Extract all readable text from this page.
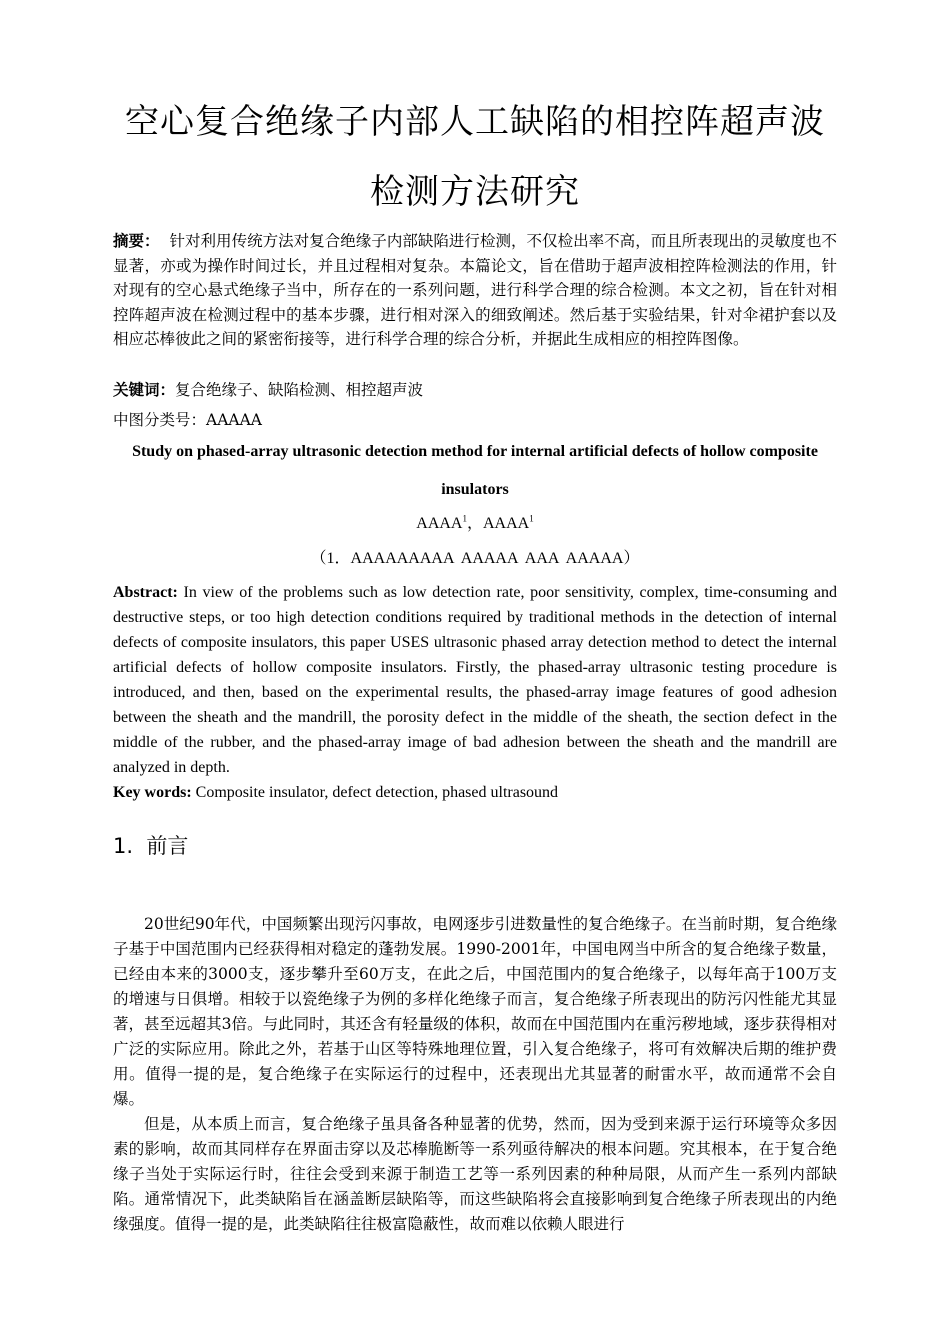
空心复合绝缘子内部人工缺陷的相控阵超声波
检测方法研究
摘要： 针对利用传统方法对复合绝缘子内部缺陷进行检测，不仅检出率不高，而且所表现出的灵敏度也不显著，亦或为操作时间过长，并且过程相对复杂。本篇论文，旨在借助于超声波相控阵检测法的作用，针对现有的空心悬式绝缘子当中，所存在的一系列问题，进行科学合理的综合检测。本文之初，旨在针对相控阵超声波在检测过程中的基本步骤，进行相对深入的细致阐述。然后基于实验结果，针对伞裙护套以及相应芯棒彼此之间的紧密衔接等，进行科学合理的综合分析，并据此生成相应的相控阵图像。
关键词：复合绝缘子、缺陷检测、相控超声波
中图分类号：AAAAA
Study on phased-array ultrasonic detection method for internal artificial defects of hollow composite
insulators
AAAA$^1$，AAAA$^1$
（1．AAAAAAAAA  AAAAA  AAA  AAAAA）
Abstract: In view of the problems such as low detection rate, poor sensitivity, complex, time-consuming and destructive steps, or too high detection conditions required by traditional methods in the detection of internal defects of composite insulators, this paper USES ultrasonic phased array detection method to detect the internal artificial defects of hollow composite insulators. Firstly, the phased-array ultrasonic testing procedure is introduced, and then, based on the experimental results, the phased-array image features of good adhesion between the sheath and the mandrill, the porosity defect in the middle of the sheath, the section defect in the middle of the rubber, and the phased-array image of bad adhesion between the sheath and the mandrill are analyzed in depth.
Key words: Composite insulator, defect detection, phased ultrasound
1.  前言
20世纪90年代，中国频繁出现污闪事故，电网逐步引进数量性的复合绝缘子。在当前时期，复合绝缘子基于中国范围内已经获得相对稳定的蓬勃发展。1990-2001年，中国电网当中所含的复合绝缘子数量，已经由本来的3000支，逐步攀升至60万支，在此之后，中国范围内的复合绝缘子，以每年高于100万支的增速与日俱增。相较于以瓷绝缘子为例的多样化绝缘子而言，复合绝缘子所表现出的防污闪性能尤其显著，甚至远超其3倍。与此同时，其还含有轻量级的体积，故而在中国范围内在重污秽地域，逐步获得相对广泛的实际应用。除此之外，若基于山区等特殊地理位置，引入复合绝缘子，将可有效解决后期的维护费用。值得一提的是，复合绝缘子在实际运行的过程中，还表现出尤其显著的耐雷水平，故而通常不会自爆。
但是，从本质上而言，复合绝缘子虽具备各种显著的优势，然而，因为受到来源于运行环境等众多因素的影响，故而其同样存在界面击穿以及芯棒脆断等一系列亟待解决的根本问题。究其根本，在于复合绝缘子当处于实际运行时，往往会受到来源于制造工艺等一系列因素的种种局限，从而产生一系列内部缺陷。通常情况下，此类缺陷旨在涵盖断层缺陷等，而这些缺陷将会直接影响到复合绝缘子所表现出的内绝缘强度。值得一提的是，此类缺陷往往极富隐蔽性，故而难以依赖人眼进行
